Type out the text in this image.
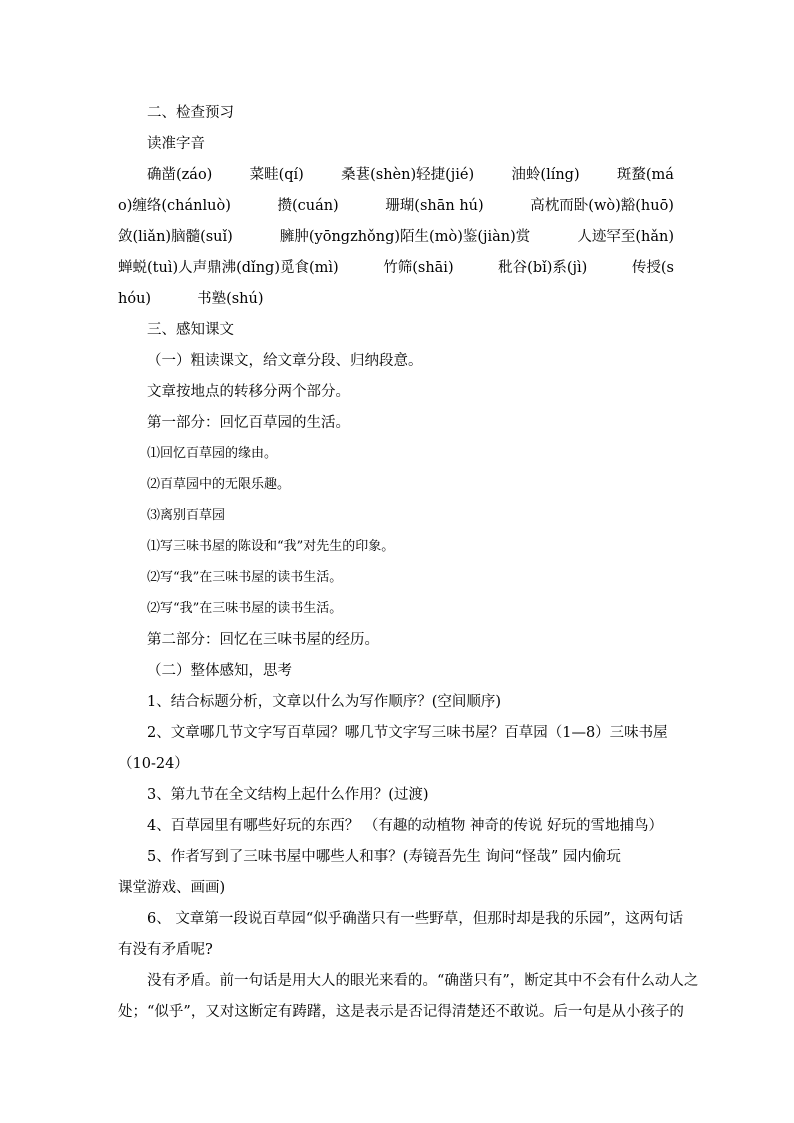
二、检查预习
读准字音
确凿(záo)	菜畦(qí)	桑葚(shèn)轻捷(jié)	油蛉(líng)	斑蝥(má
o)缠络(chánluò)	攒(cuán)	珊瑚(shān hú)	高枕而卧(wò)豁(huō)
敛(liǎn)脑髓(suǐ)	臃肿(yōngzhǒng)陌生(mò)鉴(jiàn)赏	人迹罕至(hǎn)
蝉蜕(tuì)人声鼎沸(dǐng)觅食(mì)	竹筛(shāi)	秕谷(bǐ)系(jì)	传授(s
hóu)	书塾(shú)
三、感知课文
（一）粗读课文，给文章分段、归纳段意。
文章按地点的转移分两个部分。
第一部分：回忆百草园的生活。
⑴回忆百草园的缘由。
⑵百草园中的无限乐趣。
⑶离别百草园
⑴写三味书屋的陈设和“我”对先生的印象。
⑵写“我”在三味书屋的读书生活。
⑵写“我”在三味书屋的读书生活。
第二部分：回忆在三味书屋的经历。
（二）整体感知，思考
1、结合标题分析，文章以什么为写作顺序？(空间顺序)
2、文章哪几节文字写百草园？哪几节文字写三味书屋？百草园（1—8）三味书屋
（10-24）
3、第九节在全文结构上起什么作用？(过渡)
4、百草园里有哪些好玩的东西？ （有趣的动植物 神奇的传说 好玩的雪地捕鸟）
5、作者写到了三味书屋中哪些人和事？(寿镜吾先生 询问“怪哉” 园内偷玩
课堂游戏、画画)
6、 文章第一段说百草园“似乎确凿只有一些野草，但那时却是我的乐园”，这两句话
有没有矛盾呢?
没有矛盾。前一句话是用大人的眼光来看的。“确凿只有”，断定其中不会有什么动人之
处；“似乎”，又对这断定有踌躇，这是表示是否记得清楚还不敢说。后一句是从小孩子的
